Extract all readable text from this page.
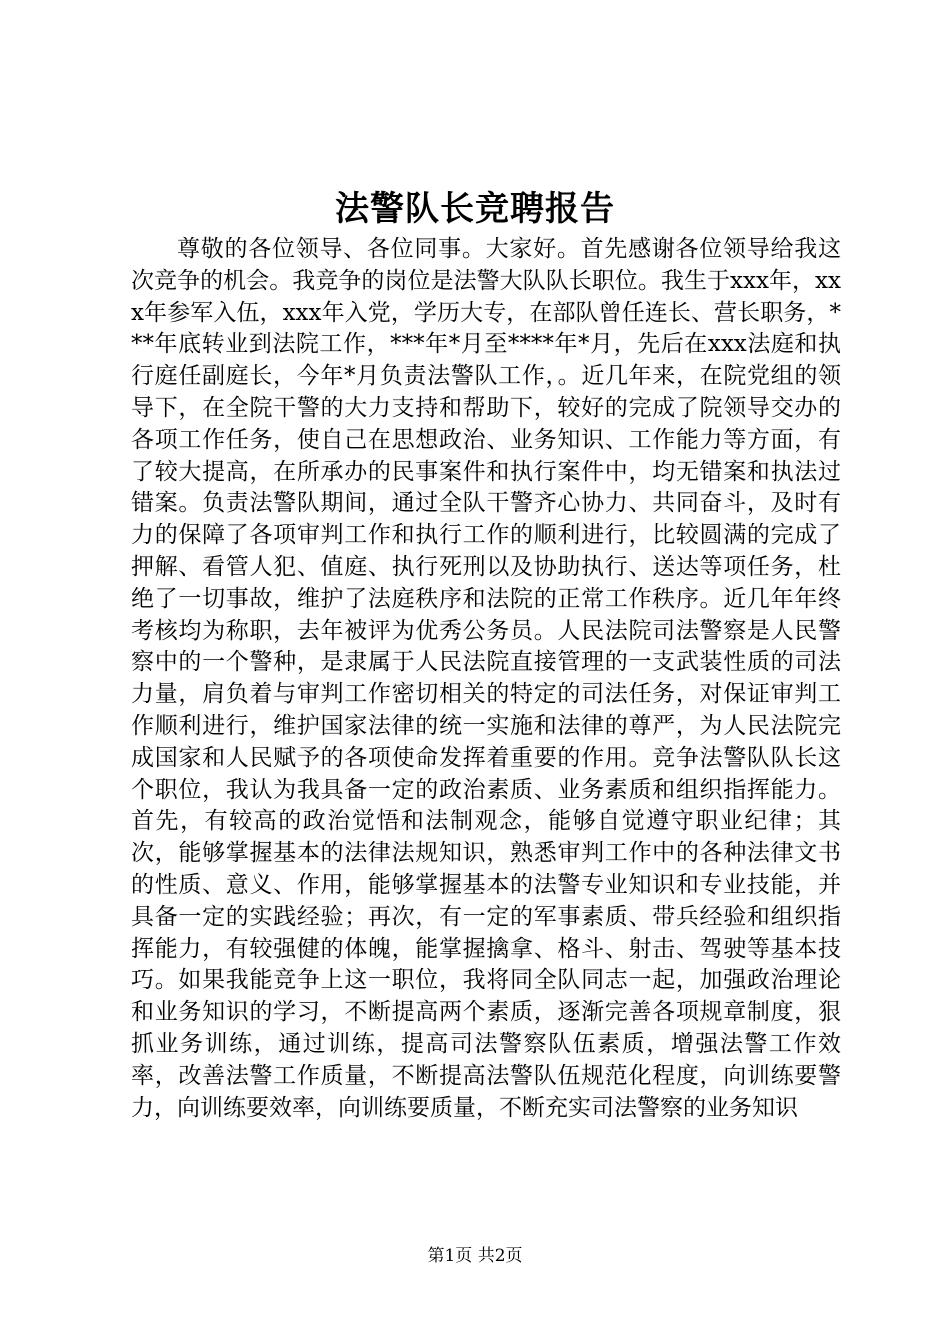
法警队长竞聘报告

尊敬的各位领导、各位同事。大家好。首先感谢各位领导给我这次竞争的机会。我竞争的岗位是法警大队队长职位。我生于xxx年，xxx年参军入伍，xxx年入党，学历大专，在部队曾任连长、营长职务，***年底转业到法院工作，***年*月至****年*月，先后在xxx法庭和执行庭任副庭长，今年*月负责法警队工作，。近几年来，在院党组的领导下，在全院干警的大力支持和帮助下，较好的完成了院领导交办的各项工作任务，使自己在思想政治、业务知识、工作能力等方面，有了较大提高，在所承办的民事案件和执行案件中，均无错案和执法过错案。负责法警队期间，通过全队干警齐心协力、共同奋斗，及时有力的保障了各项审判工作和执行工作的顺利进行，比较圆满的完成了押解、看管人犯、值庭、执行死刑以及协助执行、送达等项任务，杜绝了一切事故，维护了法庭秩序和法院的正常工作秩序。近几年年终考核均为称职，去年被评为优秀公务员。人民法院司法警察是人民警察中的一个警种，是隶属于人民法院直接管理的一支武装性质的司法力量，肩负着与审判工作密切相关的特定的司法任务，对保证审判工作顺利进行，维护国家法律的统一实施和法律的尊严，为人民法院完成国家和人民赋予的各项使命发挥着重要的作用。竞争法警队队长这个职位，我认为我具备一定的政治素质、业务素质和组织指挥能力。首先，有较高的政治觉悟和法制观念，能够自觉遵守职业纪律；其次，能够掌握基本的法律法规知识，熟悉审判工作中的各种法律文书的性质、意义、作用，能够掌握基本的法警专业知识和专业技能，并具备一定的实践经验；再次，有一定的军事素质、带兵经验和组织指挥能力，有较强健的体魄，能掌握擒拿、格斗、射击、驾驶等基本技巧。如果我能竞争上这一职位，我将同全队同志一起，加强政治理论和业务知识的学习，不断提高两个素质，逐渐完善各项规章制度，狠抓业务训练，通过训练，提高司法警察队伍素质，增强法警工作效率，改善法警工作质量，不断提高法警队伍规范化程度，向训练要警力，向训练要效率，向训练要质量，不断充实司法警察的业务知识

第1页 共2页
